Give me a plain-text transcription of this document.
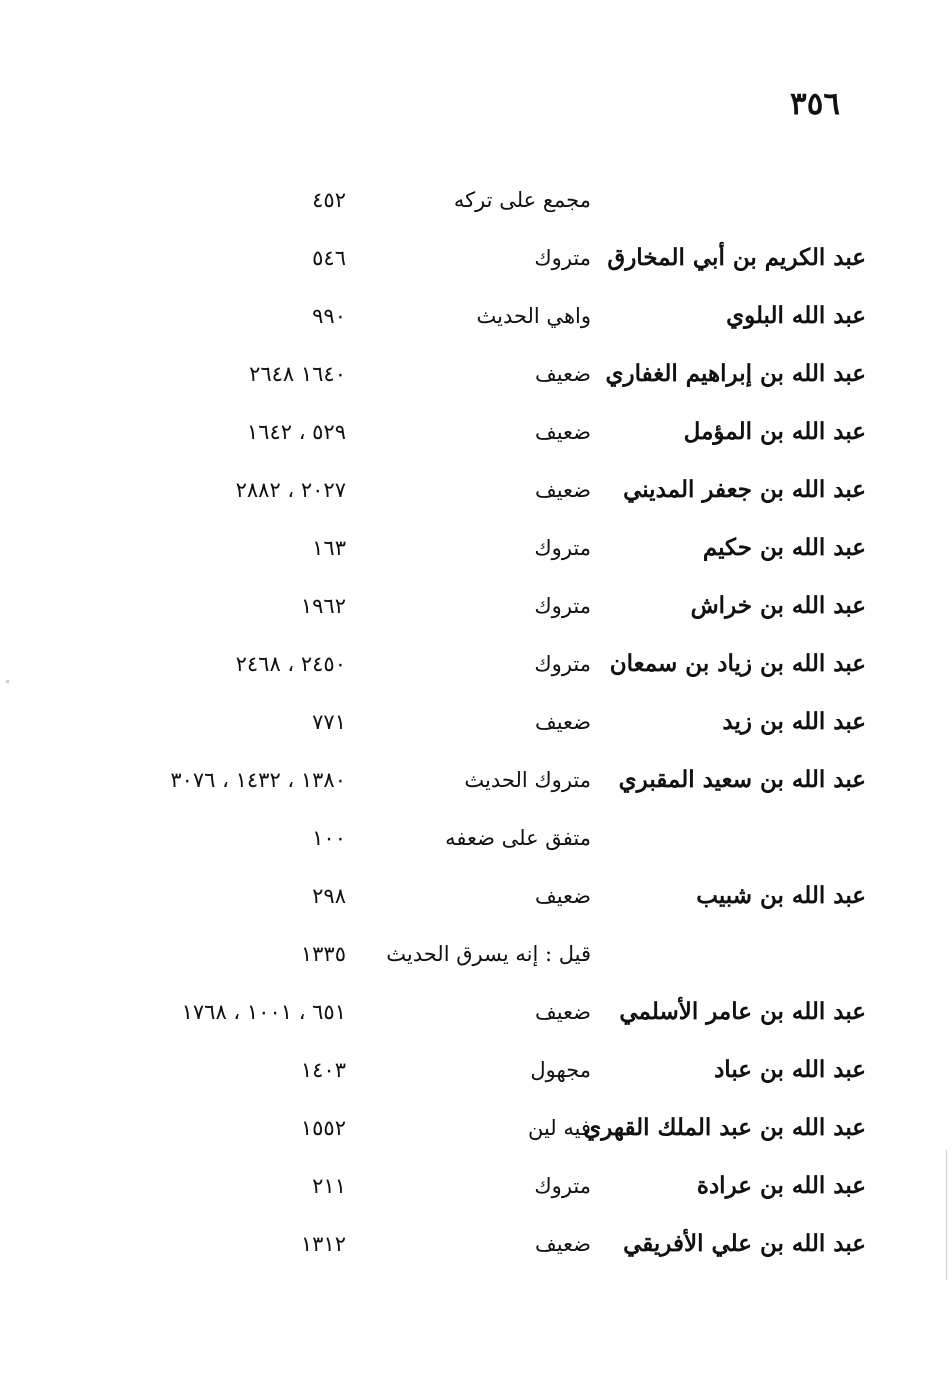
٣٥٦
مجمع على تركه
٤٥٢
عبد الكريم بن أبي المخارق
متروك
٥٤٦
عبد الله البلوي
واهي الحديث
٩٩٠
عبد الله بن إبراهيم الغفاري
ضعيف
١٦٤٠ ٢٦٤٨
عبد الله بن المؤمل
ضعيف
٥٢٩ ، ١٦٤٢
عبد الله بن جعفر المديني
ضعيف
٢٠٢٧ ، ٢٨٨٢
عبد الله بن حكيم
متروك
١٦٣
عبد الله بن خراش
متروك
١٩٦٢
عبد الله بن زياد بن سمعان
متروك
٢٤٥٠ ، ٢٤٦٨
عبد الله بن زيد
ضعيف
٧٧١
عبد الله بن سعيد المقبري
متروك الحديث
١٣٨٠ ، ١٤٣٢ ، ٣٠٧٦
متفق على ضعفه
١٠٠
عبد الله بن شبيب
ضعيف
٢٩٨
قيل : إنه يسرق الحديث
١٣٣٥
عبد الله بن عامر الأسلمي
ضعيف
٦٥١ ، ١٠٠١ ، ١٧٦٨
عبد الله بن عباد
مجهول
١٤٠٣
عبد الله بن عبد الملك القهري
فيه لين
١٥٥٢
عبد الله بن عرادة
متروك
٢١١
عبد الله بن علي الأفريقي
ضعيف
١٣١٢
